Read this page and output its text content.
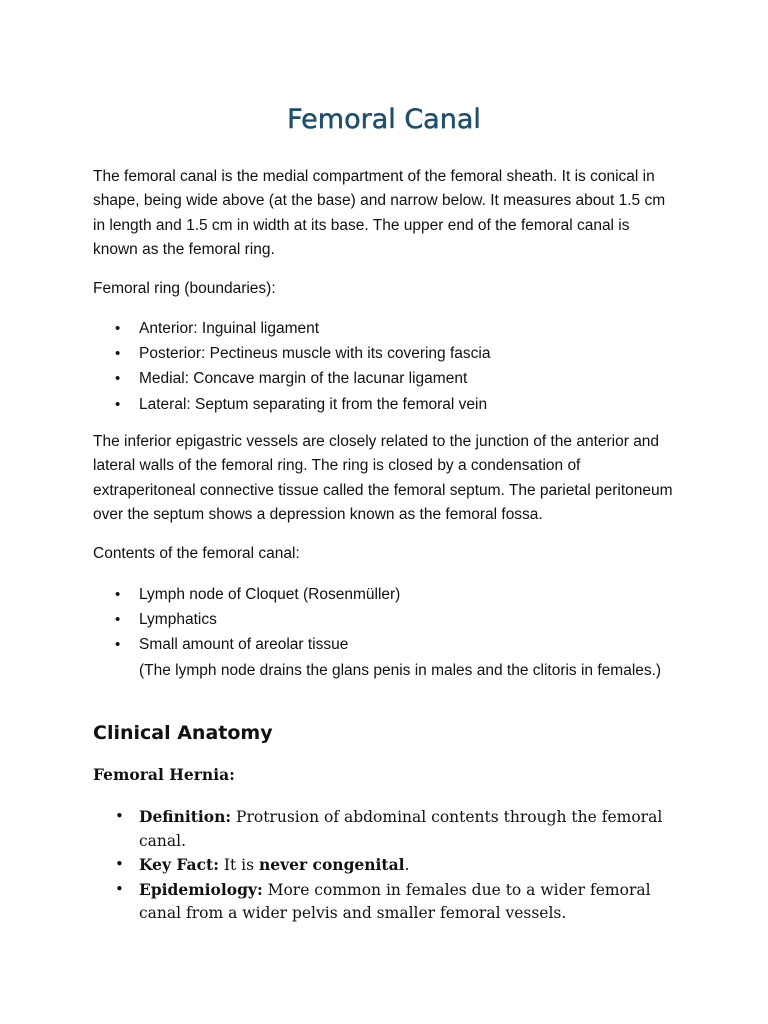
Femoral Canal

The femoral canal is the medial compartment of the femoral sheath. It is conical in shape, being wide above (at the base) and narrow below. It measures about 1.5 cm in length and 1.5 cm in width at its base. The upper end of the femoral canal is known as the femoral ring.

Femoral ring (boundaries):

• Anterior: Inguinal ligament
• Posterior: Pectineus muscle with its covering fascia
• Medial: Concave margin of the lacunar ligament
• Lateral: Septum separating it from the femoral vein

The inferior epigastric vessels are closely related to the junction of the anterior and lateral walls of the femoral ring. The ring is closed by a condensation of extraperitoneal connective tissue called the femoral septum. The parietal peritoneum over the septum shows a depression known as the femoral fossa.

Contents of the femoral canal:

• Lymph node of Cloquet (Rosenmüller)
• Lymphatics
• Small amount of areolar tissue
(The lymph node drains the glans penis in males and the clitoris in females.)
Clinical Anatomy
Femoral Hernia:
• Definition: Protrusion of abdominal contents through the femoral canal.
• Key Fact: It is never congenital.
• Epidemiology: More common in females due to a wider femoral canal from a wider pelvis and smaller femoral vessels.
